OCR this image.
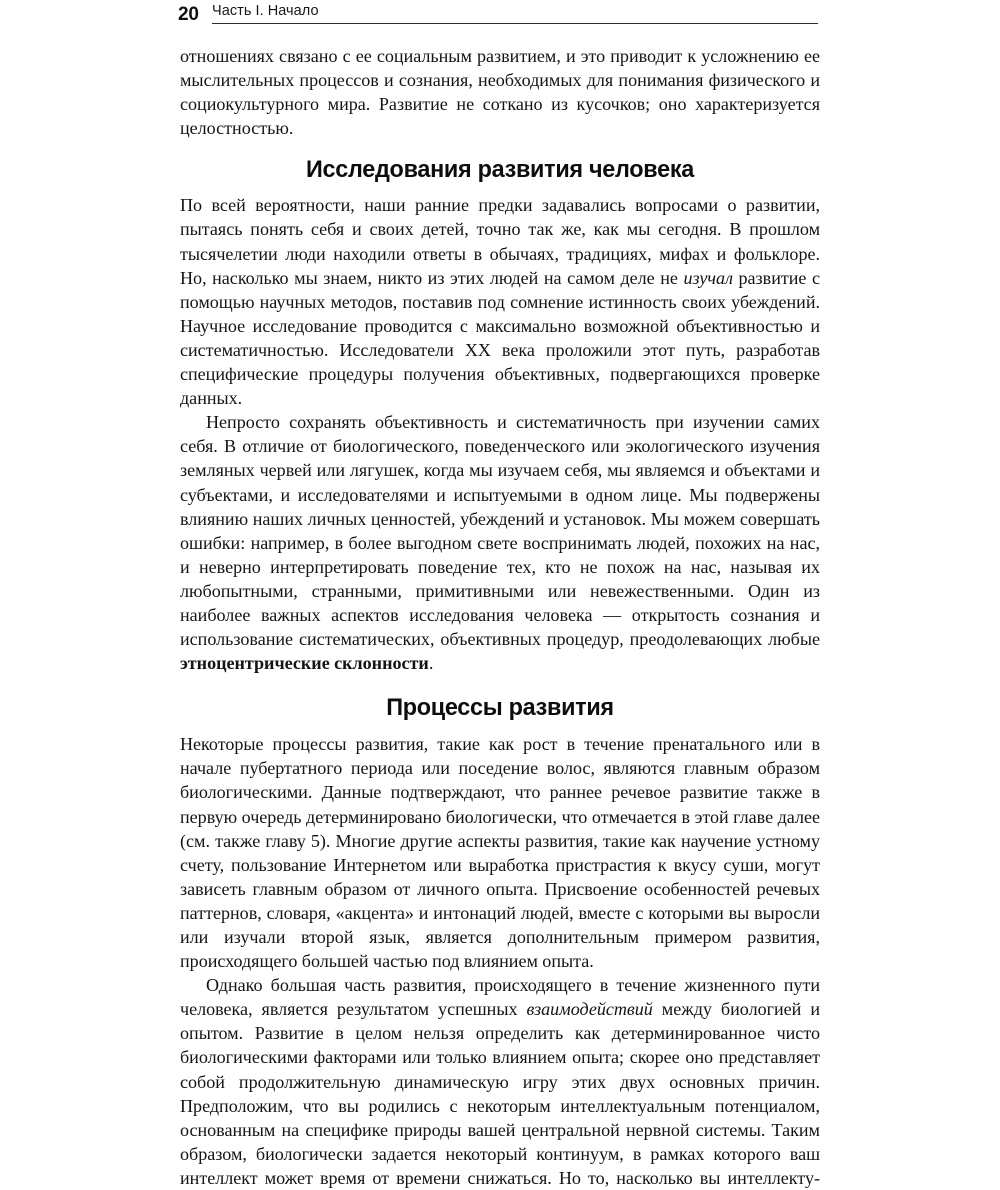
20 Часть I. Начало

отношениях связано с ее социальным развитием, и это приводит к усложнению ее мыслительных процессов и сознания, необходимых для понимания физического и социокультурного мира. Развитие не соткано из кусочков; оно характеризуется целостностью.

Исследования развития человека

По всей вероятности, наши ранние предки задавались вопросами о развитии, пытаясь понять себя и своих детей, точно так же, как мы сегодня. В прошлом тысячелетии люди находили ответы в обычаях, традициях, мифах и фольклоре. Но, насколько мы знаем, никто из этих людей на самом деле не изучал развитие с помощью научных методов, поставив под сомнение истинность своих убеждений. Научное исследование проводится с максимально возможной объективностью и систематичностью. Исследователи XX века проложили этот путь, разработав специфические процедуры получения объективных, подвергающихся проверке данных.

Непросто сохранять объективность и систематичность при изучении самих себя. В отличие от биологического, поведенческого или экологического изучения земляных червей или лягушек, когда мы изучаем себя, мы являемся и объектами и субъектами, и исследователями и испытуемыми в одном лице. Мы подвержены влиянию наших личных ценностей, убеждений и установок. Мы можем совершать ошибки: например, в более выгодном свете воспринимать людей, похожих на нас, и неверно интерпретировать поведение тех, кто не похож на нас, называя их любопытными, странными, примитивными или невежественными. Один из наиболее важных аспектов исследования человека — открытость сознания и использование систематических, объективных процедур, преодолевающих любые этноцентрические склонности.

Процессы развития

Некоторые процессы развития, такие как рост в течение пренатального или в начале пубертатного периода или поседение волос, являются главным образом биологическими. Данные подтверждают, что раннее речевое развитие также в первую очередь детерминировано биологически, что отмечается в этой главе далее (см. также главу 5). Многие другие аспекты развития, такие как научение устному счету, пользование Интернетом или выработка пристрастия к вкусу суши, могут зависеть главным образом от личного опыта. Присвоение особенностей речевых паттернов, словаря, «акцента» и интонаций людей, вместе с которыми вы выросли или изучали второй язык, является дополнительным примером развития, происходящего большей частью под влиянием опыта.

Однако большая часть развития, происходящего в течение жизненного пути человека, является результатом успешных взаимодействий между биологией и опытом. Развитие в целом нельзя определить как детерминированное чисто биологическими факторами или только влиянием опыта; скорее оно представляет собой продолжительную динамическую игру этих двух основных причин. Предположим, что вы родились с некоторым интеллектуальным потенциалом, основанным на специфике природы вашей центральной нервной системы. Таким образом, биологически задается некоторый континуум, в рамках которого ваш интеллект может время от времени снижаться. Но то, насколько вы интеллекту-
